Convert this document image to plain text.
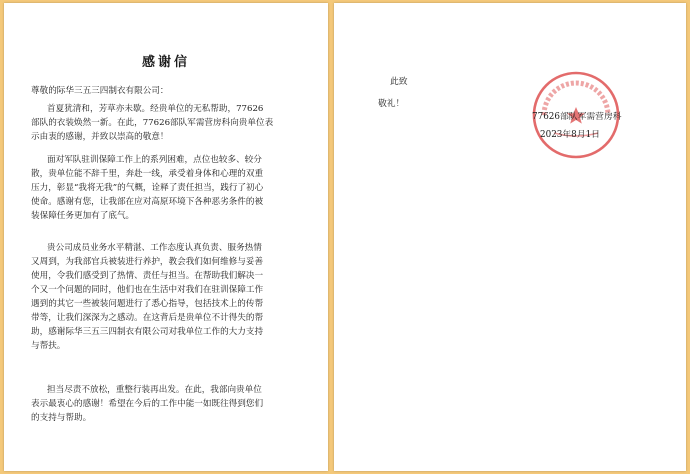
感谢信
尊敬的际华三五三四制衣有限公司：
首夏犹清和，芳草亦未歇。经贵单位的无私帮助，77626
部队的衣装焕然一新。在此，77626部队军需营房科向贵单位表
示由衷的感谢，并致以崇高的敬意！
面对军队驻训保障工作上的系列困难，点位也较多、较分
散，贵单位能不辞千里，奔赴一线，承受着身体和心理的双重
压力，彰显“我将无我”的气概，诠释了责任担当，践行了初心
使命。感谢有您，让我部在应对高原环境下各种恶劣条件的被
装保障任务更加有了底气。
贵公司成员业务水平精湛、工作态度认真负责、服务热情
又周到，为我部官兵被装进行养护，教会我们如何维修与妥善
使用，令我们感受到了热情、责任与担当。在帮助我们解决一
个又一个问题的同时，他们也在生活中对我们在驻训保障工作
遇到的其它一些被装问题进行了悉心指导，包括技术上的传帮
带等，让我们深深为之感动。在这背后是贵单位不计得失的帮
助，感谢际华三五三四制衣有限公司对我单位工作的大力支持
与帮扶。
担当尽责不放松，重整行装再出发。在此，我部向贵单位
表示最衷心的感谢！希望在今后的工作中能一如既往得到您们
的支持与帮助。
此致
敬礼！
77626部队军需营房科
2023年8月1日
